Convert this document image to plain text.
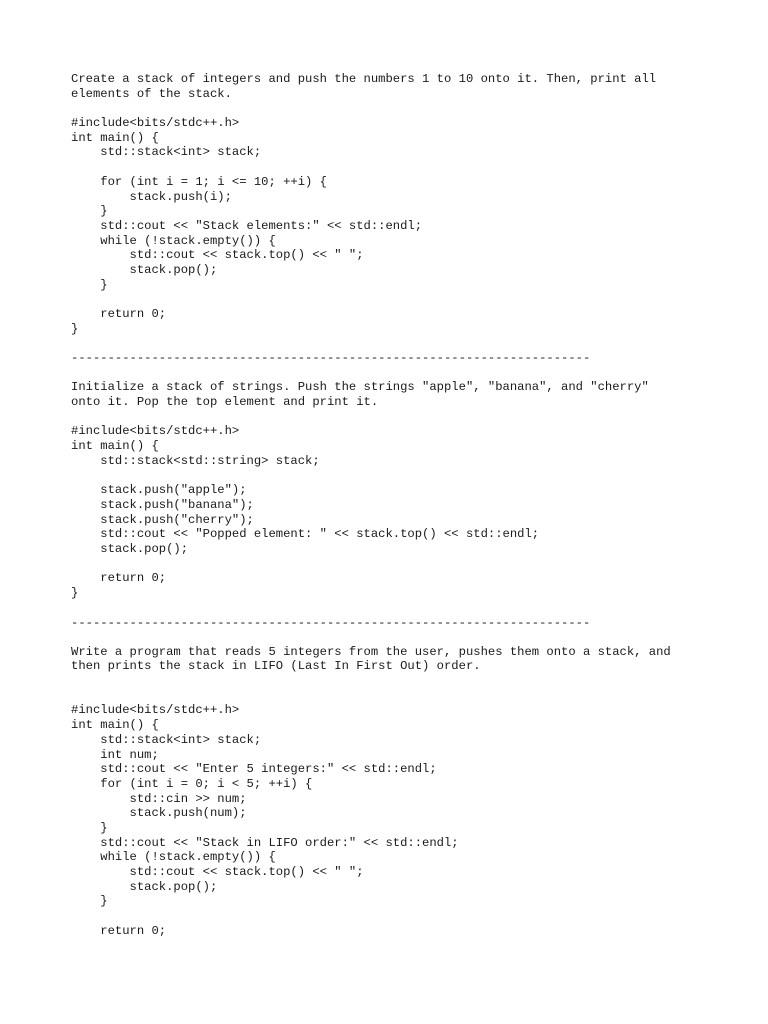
Create a stack of integers and push the numbers 1 to 10 onto it. Then, print all
elements of the stack.
#include<bits/stdc++.h>
int main() {
std::stack<int> stack;
for (int i = 1; i <= 10; ++i) {
stack.push(i);
}
std::cout << "Stack elements:" << std::endl;
while (!stack.empty()) {
std::cout << stack.top() << " ";
stack.pop();
}
return 0;
}
-----------------------------------------------------------------------
Initialize a stack of strings. Push the strings "apple", "banana", and "cherry"
onto it. Pop the top element and print it.
#include<bits/stdc++.h>
int main() {
std::stack<std::string> stack;
stack.push("apple");
stack.push("banana");
stack.push("cherry");
std::cout << "Popped element: " << stack.top() << std::endl;
stack.pop();
return 0;
}
-----------------------------------------------------------------------
Write a program that reads 5 integers from the user, pushes them onto a stack, and
then prints the stack in LIFO (Last In First Out) order.
#include<bits/stdc++.h>
int main() {
std::stack<int> stack;
int num;
std::cout << "Enter 5 integers:" << std::endl;
for (int i = 0; i < 5; ++i) {
std::cin >> num;
stack.push(num);
}
std::cout << "Stack in LIFO order:" << std::endl;
while (!stack.empty()) {
std::cout << stack.top() << " ";
stack.pop();
}
return 0;
